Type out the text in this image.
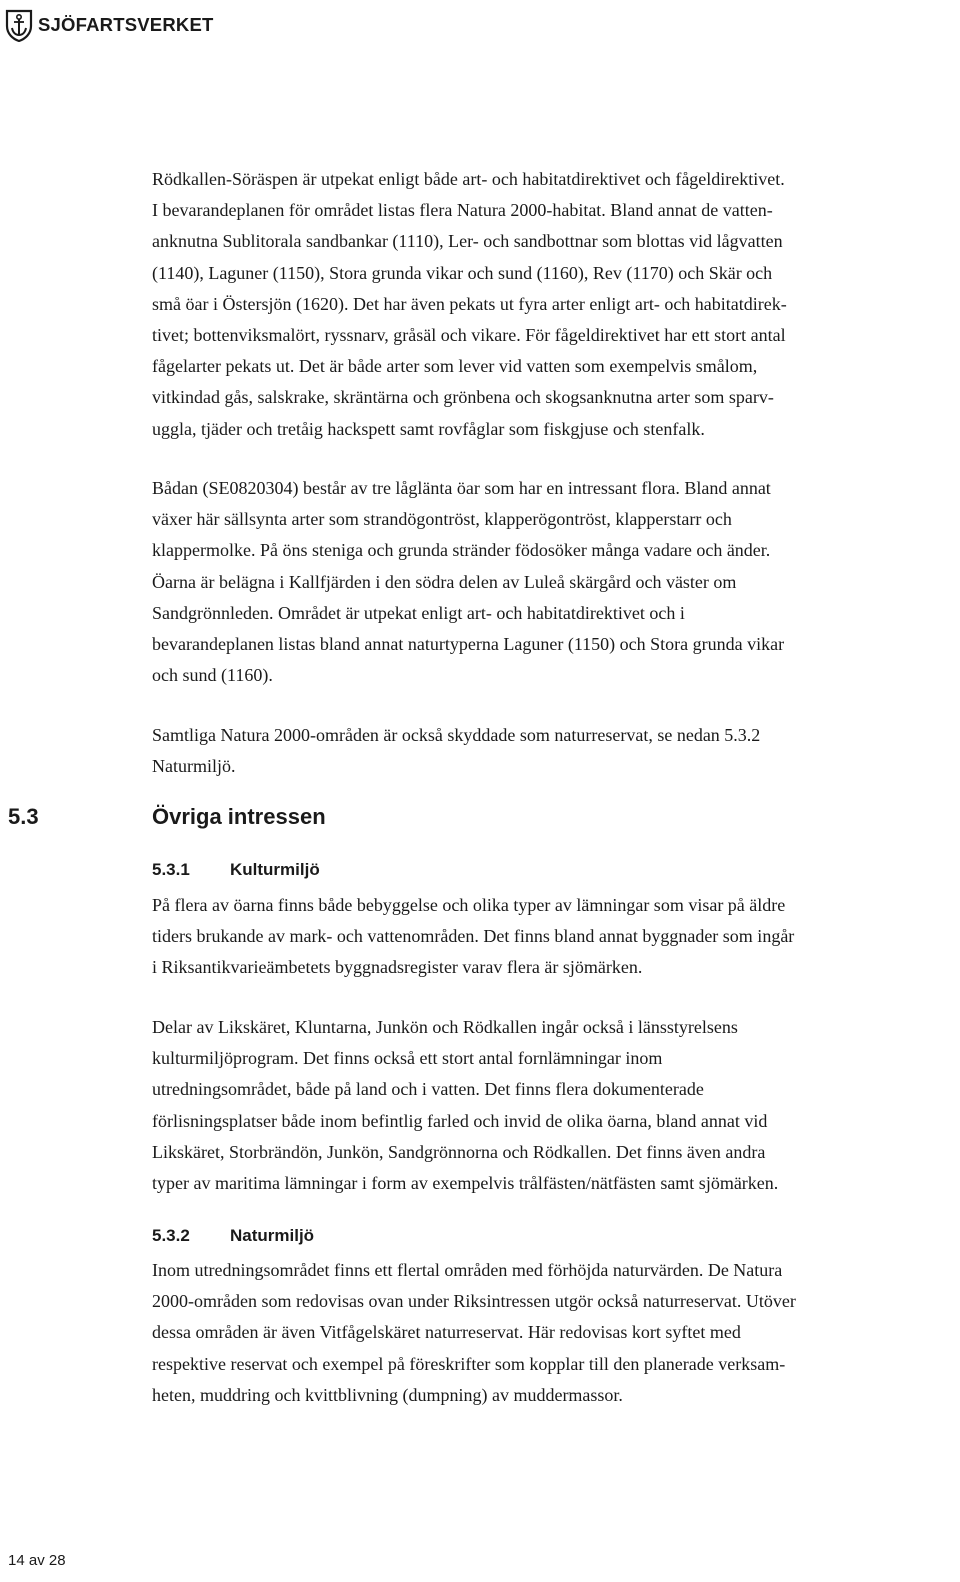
SJÖFARTSVERKET

Rödkallen-Söräspen är utpekat enligt både art- och habitatdirektivet och fågeldirektivet.
I bevarandeplanen för området listas flera Natura 2000-habitat. Bland annat de vatten-
anknutna Sublitorala sandbankar (1110), Ler- och sandbottnar som blottas vid lågvatten
(1140), Laguner (1150), Stora grunda vikar och sund (1160), Rev (1170) och Skär och
små öar i Östersjön (1620). Det har även pekats ut fyra arter enligt art- och habitatdirek-
tivet; bottenviksmalört, ryssnarv, gråsäl och vikare. För fågeldirektivet har ett stort antal
fågelarter pekats ut. Det är både arter som lever vid vatten som exempelvis smålom,
vitkindad gås, salskrake, skräntärna och grönbena och skogsanknutna arter som sparv-
uggla, tjäder och tretåig hackspett samt rovfåglar som fiskgjuse och stenfalk.

Bådan (SE0820304) består av tre låglänta öar som har en intressant flora. Bland annat
växer här sällsynta arter som strandögontröst, klapperögontröst, klapperstarr och
klappermolke. På öns steniga och grunda stränder födosöker många vadare och änder.
Öarna är belägna i Kallfjärden i den södra delen av Luleå skärgård och väster om
Sandgrönnleden. Området är utpekat enligt art- och habitatdirektivet och i
bevarandeplanen listas bland annat naturtyperna Laguner (1150) och Stora grunda vikar
och sund (1160).

Samtliga Natura 2000-områden är också skyddade som naturreservat, se nedan 5.3.2
Naturmiljö.

5.3	Övriga intressen
5.3.1	Kulturmiljö

På flera av öarna finns både bebyggelse och olika typer av lämningar som visar på äldre
tiders brukande av mark- och vattenområden. Det finns bland annat byggnader som ingår
i Riksantikvarieämbetets byggnadsregister varav flera är sjömärken.

Delar av Likskäret, Kluntarna, Junkön och Rödkallen ingår också i länsstyrelsens
kulturmiljöprogram. Det finns också ett stort antal fornlämningar inom
utredningsområdet, både på land och i vatten. Det finns flera dokumenterade
förlisningsplatser både inom befintlig farled och invid de olika öarna, bland annat vid
Likskäret, Storbrändön, Junkön, Sandgrönnorna och Rödkallen. Det finns även andra
typer av maritima lämningar i form av exempelvis trålfästen/nätfästen samt sjömärken.

5.3.2	Naturmiljö

Inom utredningsområdet finns ett flertal områden med förhöjda naturvärden. De Natura
2000-områden som redovisas ovan under Riksintressen utgör också naturreservat. Utöver
dessa områden är även Vitfågelskäret naturreservat. Här redovisas kort syftet med
respektive reservat och exempel på föreskrifter som kopplar till den planerade verksam-
heten, muddring och kvittblivning (dumpning) av muddermassor.

14 av 28
